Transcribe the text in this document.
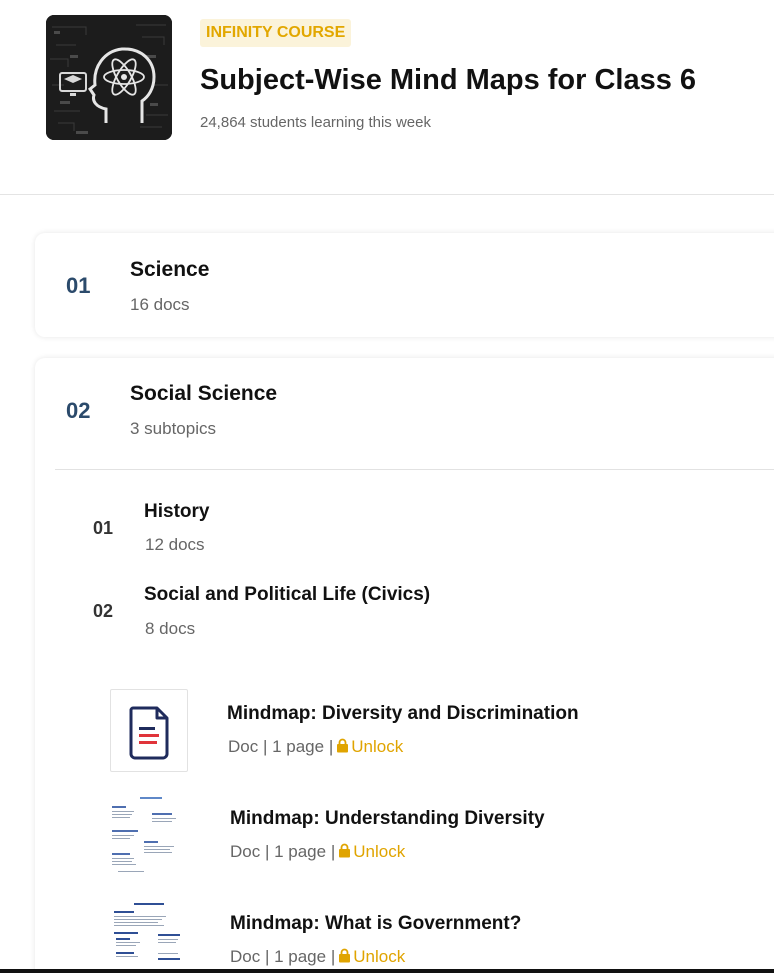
INFINITY COURSE
Subject-Wise Mind Maps for Class 6
24,864 students learning this week
01
Science
16 docs
02
Social Science
3 subtopics
01
History
12 docs
02
Social and Political Life (Civics)
8 docs
Mindmap: Diversity and Discrimination
Doc | 1 page | Unlock
Mindmap: Understanding Diversity
Doc | 1 page | Unlock
Mindmap: What is Government?
Doc | 1 page | Unlock
